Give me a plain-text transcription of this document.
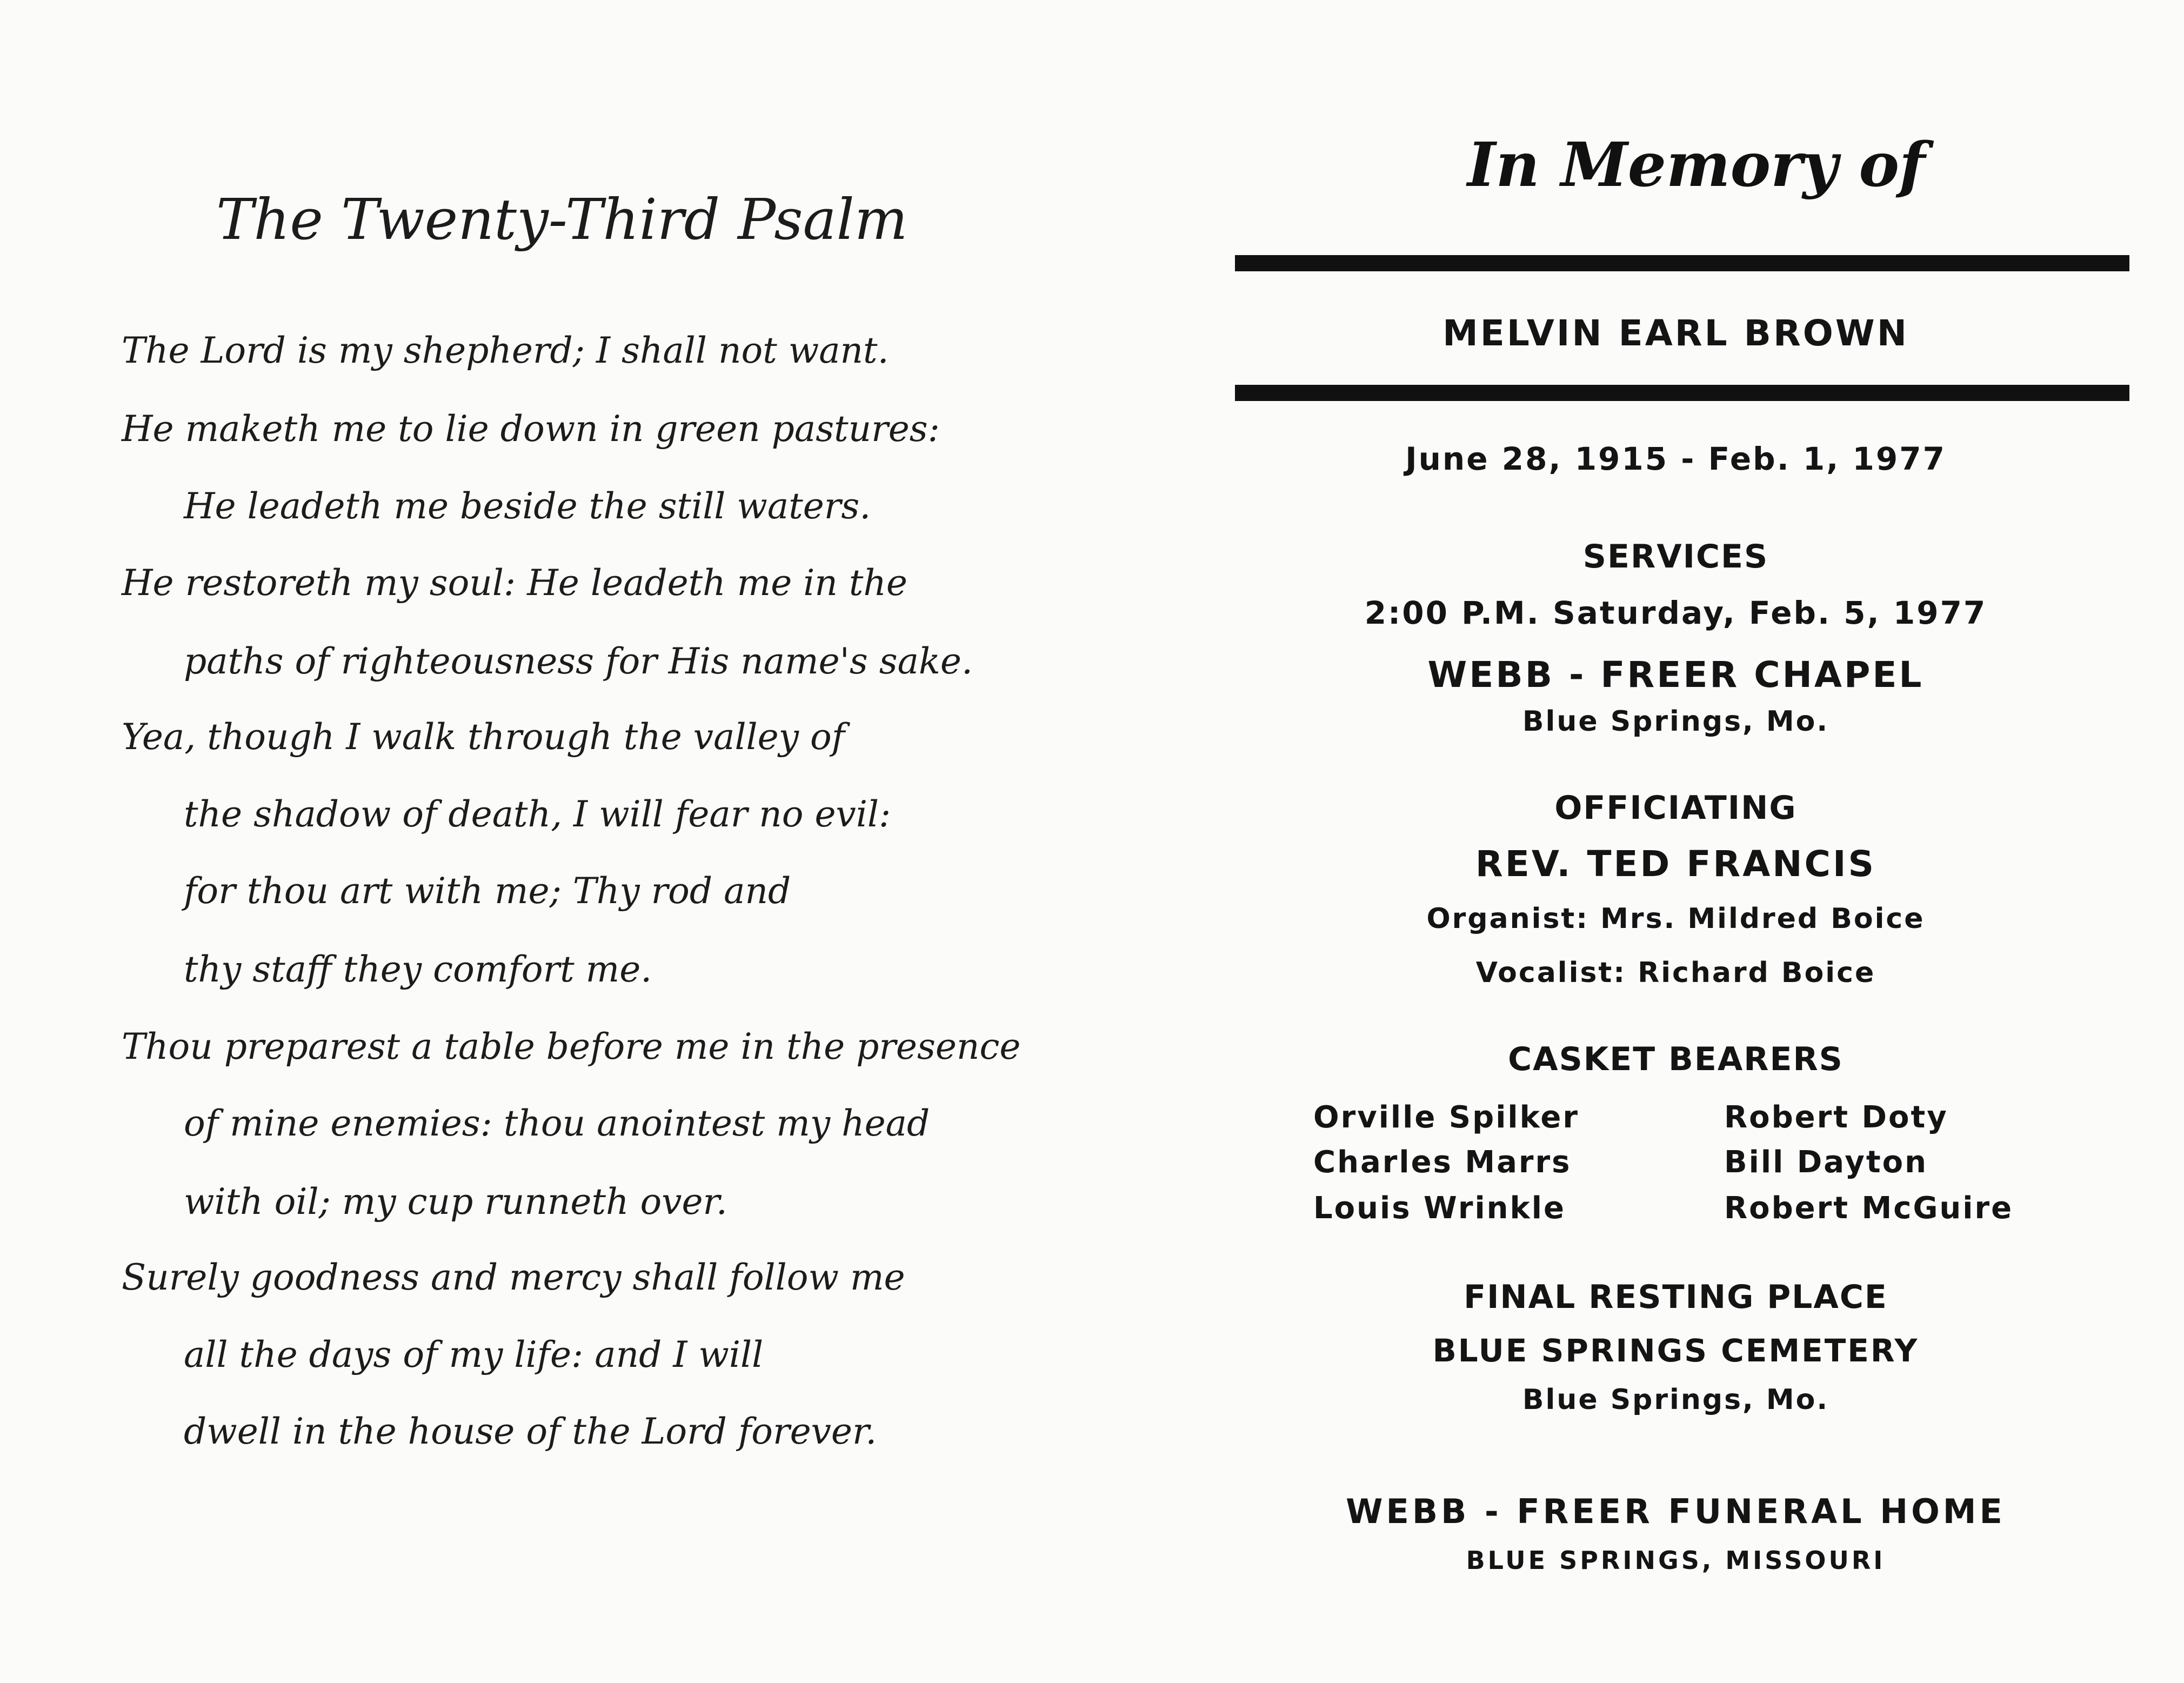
The Twenty-Third Psalm
The Lord is my shepherd; I shall not want.
He maketh me to lie down in green pastures:
He leadeth me beside the still waters.
He restoreth my soul: He leadeth me in the
paths of righteousness for His name's sake.
Yea, though I walk through the valley of
the shadow of death, I will fear no evil:
for thou art with me; Thy rod and
thy staff they comfort me.
Thou preparest a table before me in the presence
of mine enemies: thou anointest my head
with oil; my cup runneth over.
Surely goodness and mercy shall follow me
all the days of my life: and I will
dwell in the house of the Lord forever.
In Memory of
MELVIN EARL BROWN
June 28, 1915 - Feb. 1, 1977
SERVICES
2:00 P.M. Saturday, Feb. 5, 1977
WEBB - FREER CHAPEL
Blue Springs, Mo.
OFFICIATING
REV. TED FRANCIS
Organist: Mrs. Mildred Boice
Vocalist: Richard Boice
CASKET BEARERS
Orville Spilker
Charles Marrs
Louis Wrinkle
Robert Doty
Bill Dayton
Robert McGuire
FINAL RESTING PLACE
BLUE SPRINGS CEMETERY
Blue Springs, Mo.
WEBB - FREER FUNERAL HOME
BLUE SPRINGS, MISSOURI
